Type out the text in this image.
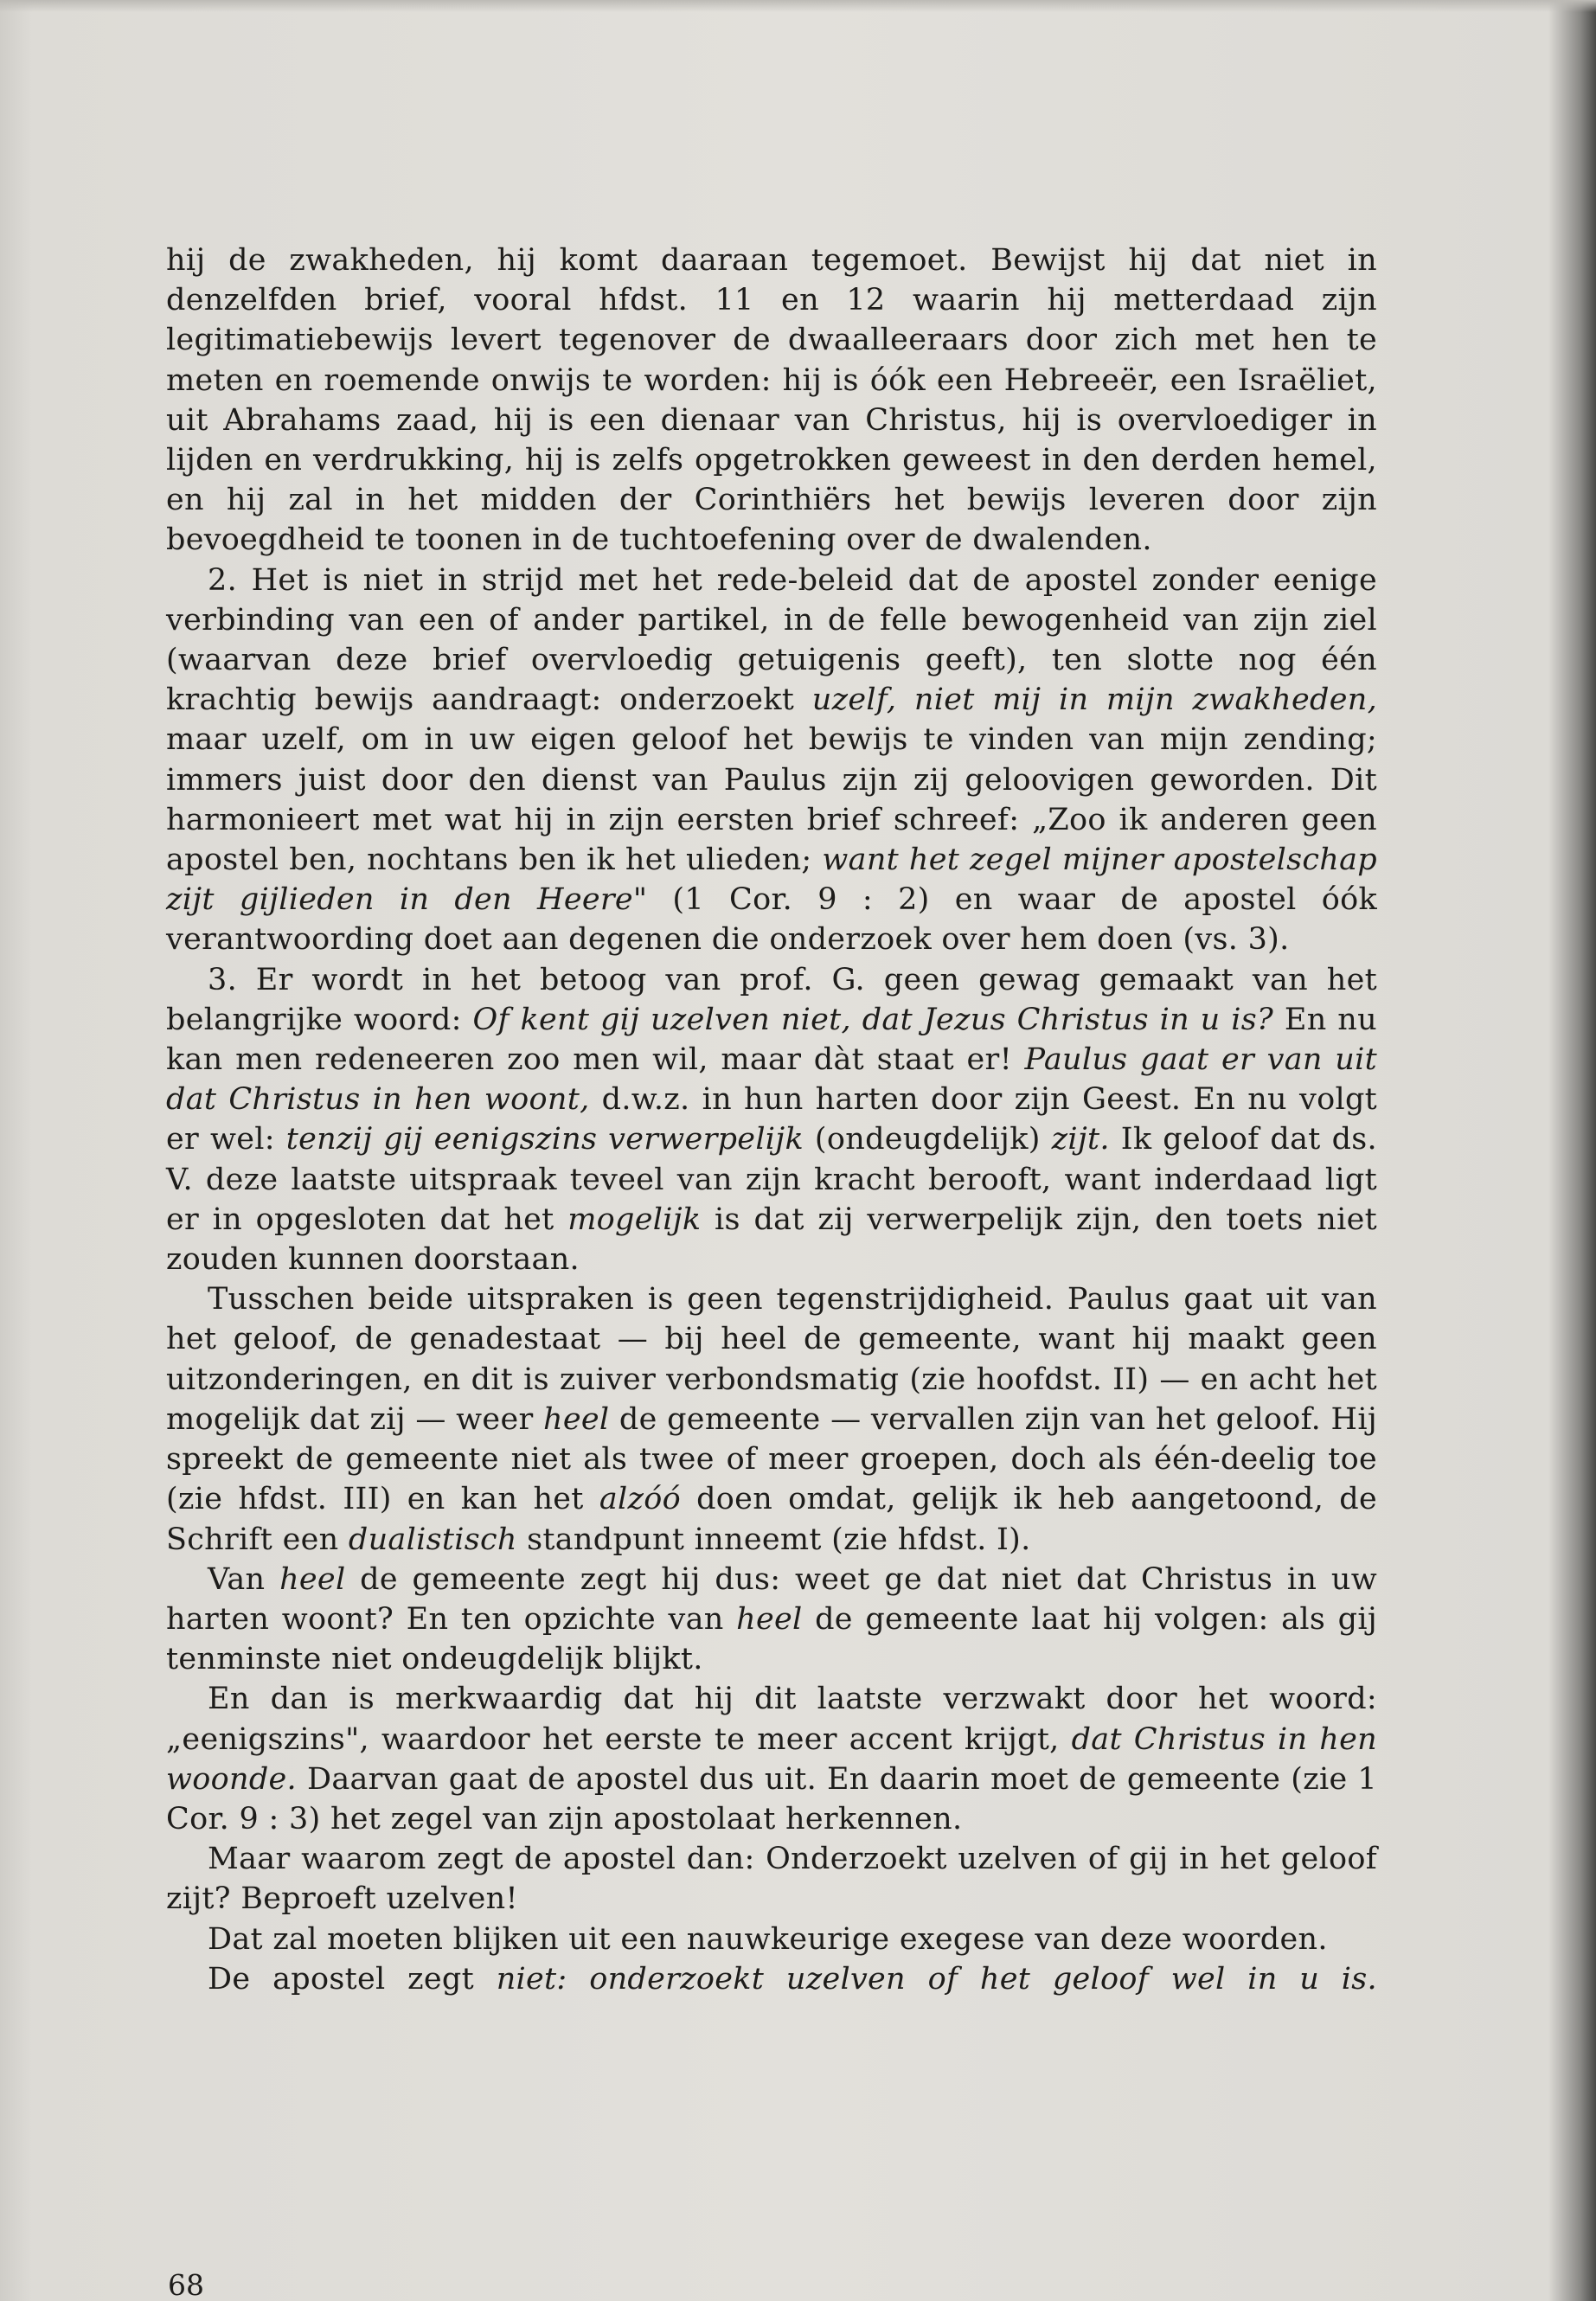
hij de zwakheden, hij komt daaraan tegemoet. Bewijst hij dat niet in denzelfden brief, vooral hfdst. 11 en 12 waarin hij metterdaad zijn legitimatiebewijs levert tegenover de dwaalleeraars door zich met hen te meten en roemende onwijs te worden: hij is óók een Hebreeër, een Israëliet, uit Abrahams zaad, hij is een dienaar van Christus, hij is overvloediger in lijden en verdrukking, hij is zelfs opgetrokken geweest in den derden hemel, en hij zal in het midden der Corinthiërs het bewijs leveren door zijn bevoegdheid te toonen in de tuchtoefening over de dwalenden.

2. Het is niet in strijd met het rede-beleid dat de apostel zonder eenige verbinding van een of ander partikel, in de felle bewogenheid van zijn ziel (waarvan deze brief overvloedig getuigenis geeft), ten slotte nog één krachtig bewijs aandraagt: onderzoekt uzelf, niet mij in mijn zwakheden, maar uzelf, om in uw eigen geloof het bewijs te vinden van mijn zending; immers juist door den dienst van Paulus zijn zij geloovigen geworden. Dit harmonieert met wat hij in zijn eersten brief schreef: „Zoo ik anderen geen apostel ben, nochtans ben ik het ulieden; want het zegel mijner apostelschap zijt gijlieden in den Heere" (1 Cor. 9 : 2) en waar de apostel óók verantwoording doet aan degenen die onderzoek over hem doen (vs. 3).

3. Er wordt in het betoog van prof. G. geen gewag gemaakt van het belangrijke woord: Of kent gij uzelven niet, dat Jezus Christus in u is? En nu kan men redeneeren zoo men wil, maar dàt staat er! Paulus gaat er van uit dat Christus in hen woont, d.w.z. in hun harten door zijn Geest. En nu volgt er wel: tenzij gij eenigszins verwerpelijk (ondeugdelijk) zijt. Ik geloof dat ds. V. deze laatste uitspraak teveel van zijn kracht berooft, want inderdaad ligt er in opgesloten dat het mogelijk is dat zij verwerpelijk zijn, den toets niet zouden kunnen doorstaan.

Tusschen beide uitspraken is geen tegenstrijdigheid. Paulus gaat uit van het geloof, de genadestaat — bij heel de gemeente, want hij maakt geen uitzonderingen, en dit is zuiver verbondsmatig (zie hoofdst. II) — en acht het mogelijk dat zij — weer heel de gemeente — vervallen zijn van het geloof. Hij spreekt de gemeente niet als twee of meer groepen, doch als één-deelig toe (zie hfdst. III) en kan het alzóó doen omdat, gelijk ik heb aangetoond, de Schrift een dualistisch standpunt inneemt (zie hfdst. I).

Van heel de gemeente zegt hij dus: weet ge dat niet dat Christus in uw harten woont? En ten opzichte van heel de gemeente laat hij volgen: als gij tenminste niet ondeugdelijk blijkt.

En dan is merkwaardig dat hij dit laatste verzwakt door het woord: „eenigszins", waardoor het eerste te meer accent krijgt, dat Christus in hen woonde. Daarvan gaat de apostel dus uit. En daarin moet de gemeente (zie 1 Cor. 9 : 3) het zegel van zijn apostolaat herkennen.

Maar waarom zegt de apostel dan: Onderzoekt uzelven of gij in het geloof zijt? Beproeft uzelven!

Dat zal moeten blijken uit een nauwkeurige exegese van deze woorden.

De apostel zegt niet: onderzoekt uzelven of het geloof wel in u is.

68
